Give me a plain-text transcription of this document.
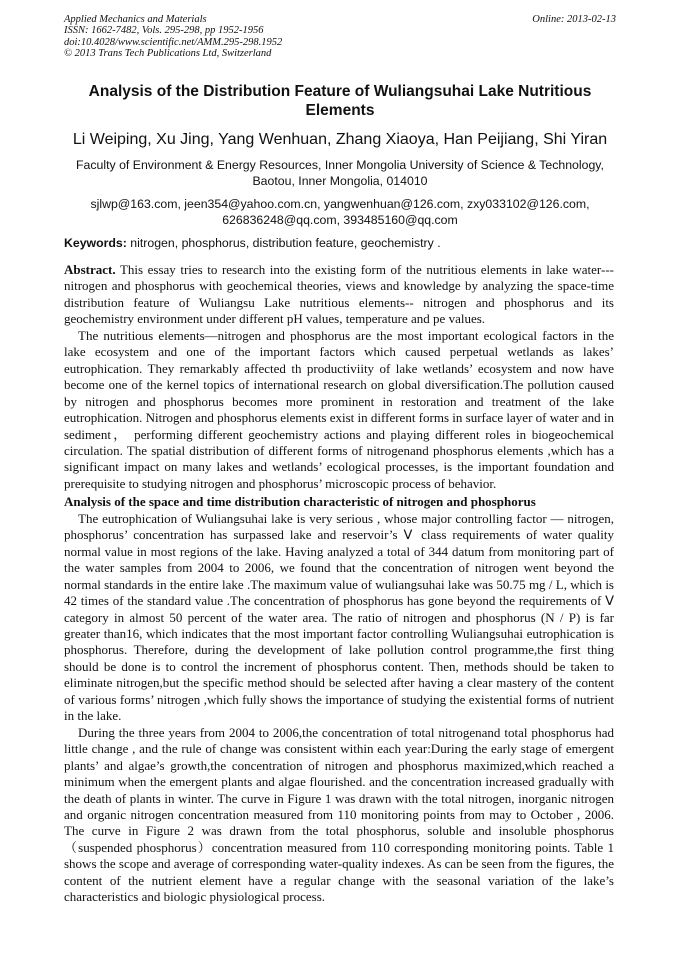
Applied Mechanics and Materials
ISSN: 1662-7482, Vols. 295-298, pp 1952-1956
doi:10.4028/www.scientific.net/AMM.295-298.1952
© 2013 Trans Tech Publications Ltd, Switzerland
Online: 2013-02-13
Analysis of the Distribution Feature of Wuliangsuhai Lake Nutritious Elements
Li Weiping, Xu Jing, Yang Wenhuan, Zhang Xiaoya, Han Peijiang, Shi Yiran
Faculty of Environment & Energy Resources, Inner Mongolia University of Science & Technology, Baotou, Inner Mongolia, 014010
sjlwp@163.com, jeen354@yahoo.com.cn, yangwenhuan@126.com, zxy033102@126.com, 626836248@qq.com, 393485160@qq.com
Keywords: nitrogen, phosphorus, distribution feature, geochemistry .

Abstract. This essay tries to research into the existing form of the nutritious elements in lake water--- nitrogen and phosphorus with geochemical theories, views and knowledge by analyzing the space-time distribution feature of Wuliangsu Lake nutritious elements-- nitrogen and phosphorus and its geochemistry environment under different pH values, temperature and pe values.

The nutritious elements—nitrogen and phosphorus are the most important ecological factors in the lake ecosystem and one of the important factors which caused perpetual wetlands as lakes’ eutrophication. They remarkably affected th productiviity of lake wetlands’ ecosystem and now have become one of the kernel topics of international research on global diversification.The pollution caused by nitrogen and phosphorus becomes more prominent in restoration and treatment of the lake eutrophication. Nitrogen and phosphorus elements exist in different forms in surface layer of water and in sediment， performing different geochemistry actions and playing different roles in biogeochemical circulation. The spatial distribution of different forms of nitrogenand phosphorus elements ,which has a significant impact on many lakes and wetlands’ ecological processes, is the important foundation and prerequisite to studying nitrogen and phosphorus’ microscopic process of behavior.

Analysis of the space and time distribution characteristic of nitrogen and phosphorus

The eutrophication of Wuliangsuhai lake is very serious , whose major controlling factor — nitrogen, phosphorus’ concentration has surpassed lake and reservoir’s Ⅴ class requirements of water quality normal value in most regions of the lake. Having analyzed a total of 344 datum from monitoring part of the water samples from 2004 to 2006, we found that the concentration of nitrogen went beyond the normal standards in the entire lake .The maximum value of wuliangsuhai lake was 50.75 mg / L, which is 42 times of the standard value .The concentration of phosphorus has gone beyond the requirements of Ⅴ category in almost 50 percent of the water area. The ratio of nitrogen and phosphorus (N / P) is far greater than16, which indicates that the most important factor controlling Wuliangsuhai eutrophication is phosphorus. Therefore, during the development of lake pollution control programme,the first thing should be done is to control the increment of phosphorus content. Then, methods should be taken to eliminate nitrogen,but the specific method should be selected after having a clear mastery of the content of various forms’ nitrogen ,which fully shows the importance of studying the existential forms of nutrient in the lake.

During the three years from 2004 to 2006,the concentration of total nitrogenand total phosphorus had little change , and the rule of change was consistent within each year:During the early stage of emergent plants’ and algae’s growth,the concentration of nitrogen and phosphorus maximized,which reached a minimum when the emergent plants and algae flourished. and the concentration increased gradually with the death of plants in winter. The curve in Figure 1 was drawn with the total nitrogen, inorganic nitrogen and organic nitrogen concentration measured from 110 monitoring points from may to October , 2006. The curve in Figure 2 was drawn from the total phosphorus, soluble and insoluble phosphorus （suspended phosphorus）concentration measured from 110 corresponding monitoring points. Table 1 shows the scope and average of corresponding water-quality indexes. As can be seen from the figures, the content of the nutrient element have a regular change with the seasonal variation of the lake’s characteristics and biologic physiological process.
